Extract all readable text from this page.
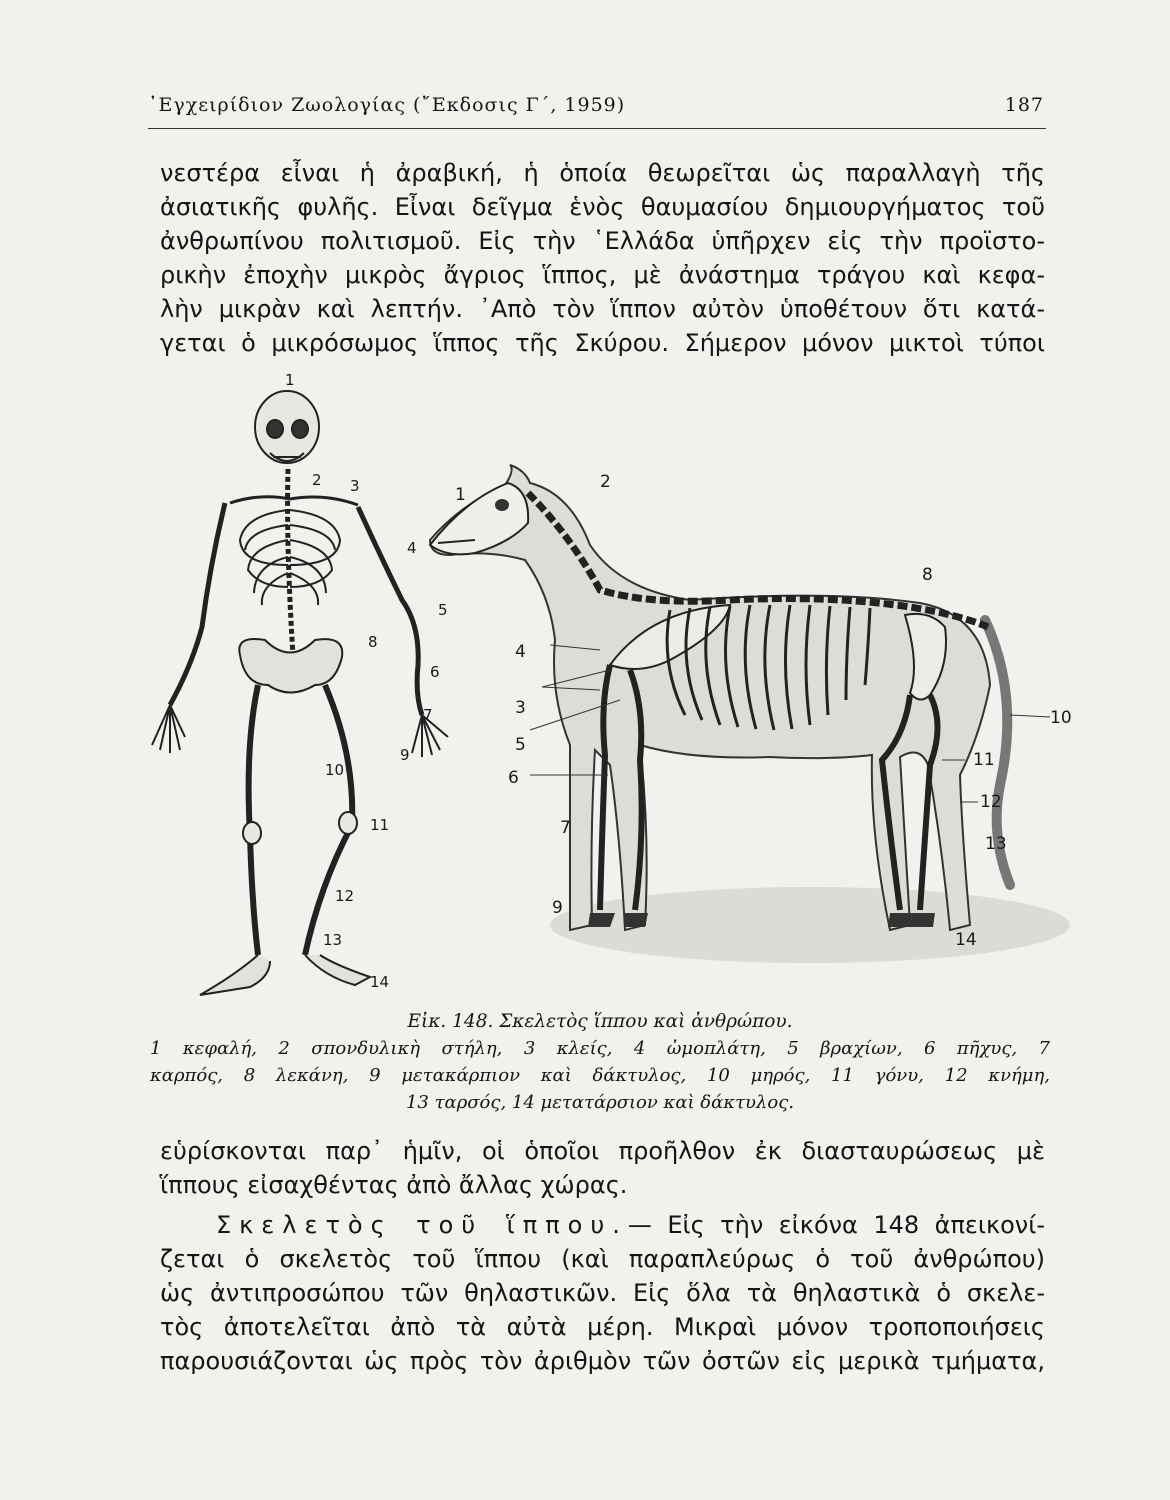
᾿Εγχειρίδιον Ζωολογίας (῎Εκδοσις Γ΄, 1959)	187
νεστέρα εἶναι ἡ ἀραβική, ἡ ὁποία θεωρεῖται ὡς παραλλαγὴ τῆς
ἀσιατικῆς φυλῆς. Εἶναι δεῖγμα ἑνὸς θαυμασίου δημιουργήματος τοῦ
ἀνθρωπίνου πολιτισμοῦ. Εἰς τὴν ῾Ελλάδα ὑπῆρχεν εἰς τὴν προϊστο-
ρικὴν ἐποχὴν μικρὸς ἄγριος ἵππος, μὲ ἀνάστημα τράγου καὶ κεφα-
λὴν μικρὰν καὶ λεπτήν. ᾿Απὸ τὸν ἵππον αὐτὸν ὑποθέτουν ὅτι κατά-
γεται ὁ μικρόσωμος ἵππος τῆς Σκύρου. Σήμερον μόνον μικτοὶ τύποι
1
2 3
4
5
6
7
8
9
10
11
12
13
14
1
2
3
4
5
6
7
8
9
10
11
12
13
14
Εἰκ. 148. Σκελετὸς ἵππου καὶ ἀνθρώπου.
1 κεφαλή, 2 σπονδυλικὴ στήλη, 3 κλείς, 4 ὠμοπλάτη, 5 βραχίων, 6 πῆχυς, 7
καρπός, 8 λεκάνη, 9 μετακάρπιον καὶ δάκτυλος, 10 μηρός, 11 γόνυ, 12 κνήμη,
13 ταρσός, 14 μετατάρσιον καὶ δάκτυλος.
εὑρίσκονται παρ᾿ ἡμῖν, οἱ ὁποῖοι προῆλθον ἐκ διασταυρώσεως μὲ
ἵππους εἰσαχθέντας ἀπὸ ἄλλας χώρας.
Σκελετὸς τοῦ ἵππου.— Εἰς τὴν εἰκόνα 148 ἀπεικονί-
ζεται ὁ σκελετὸς τοῦ ἵππου (καὶ παραπλεύρως ὁ τοῦ ἀνθρώπου)
ὡς ἀντιπροσώπου τῶν θηλαστικῶν. Εἰς ὅλα τὰ θηλαστικὰ ὁ σκελε-
τὸς ἀποτελεῖται ἀπὸ τὰ αὐτὰ μέρη. Μικραὶ μόνον τροποποιήσεις
παρουσιάζονται ὡς πρὸς τὸν ἀριθμὸν τῶν ὀστῶν εἰς μερικὰ τμήματα,
